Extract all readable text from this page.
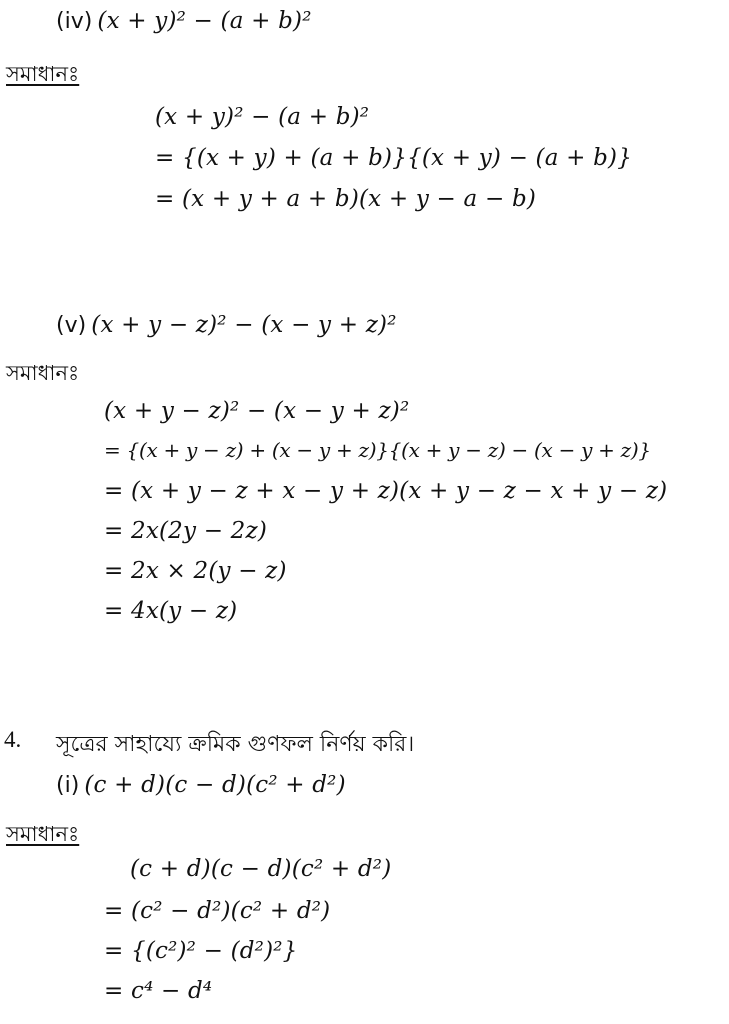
(iv) (x + y)² − (a + b)²
সমাধানঃ
(x + y)² − (a + b)²
= {(x + y) + (a + b)}{(x + y) − (a + b)}
= (x + y + a + b)(x + y − a − b)
(v) (x + y − z)² − (x − y + z)²
সমাধানঃ
(x + y − z)² − (x − y + z)²
= {(x + y − z) + (x − y + z)}{(x + y − z) − (x − y + z)}
= (x + y − z + x − y + z)(x + y − z − x + y − z)
= 2x(2y − 2z)
= 2x × 2(y − z)
= 4x(y − z)
4. সূত্রের সাহায্যে ক্রমিক গুণফল নির্ণয় করি।
(i) (c + d)(c − d)(c² + d²)
সমাধানঃ
(c + d)(c − d)(c² + d²)
= (c² − d²)(c² + d²)
= {(c²)² − (d²)²}
= c⁴ − d⁴
